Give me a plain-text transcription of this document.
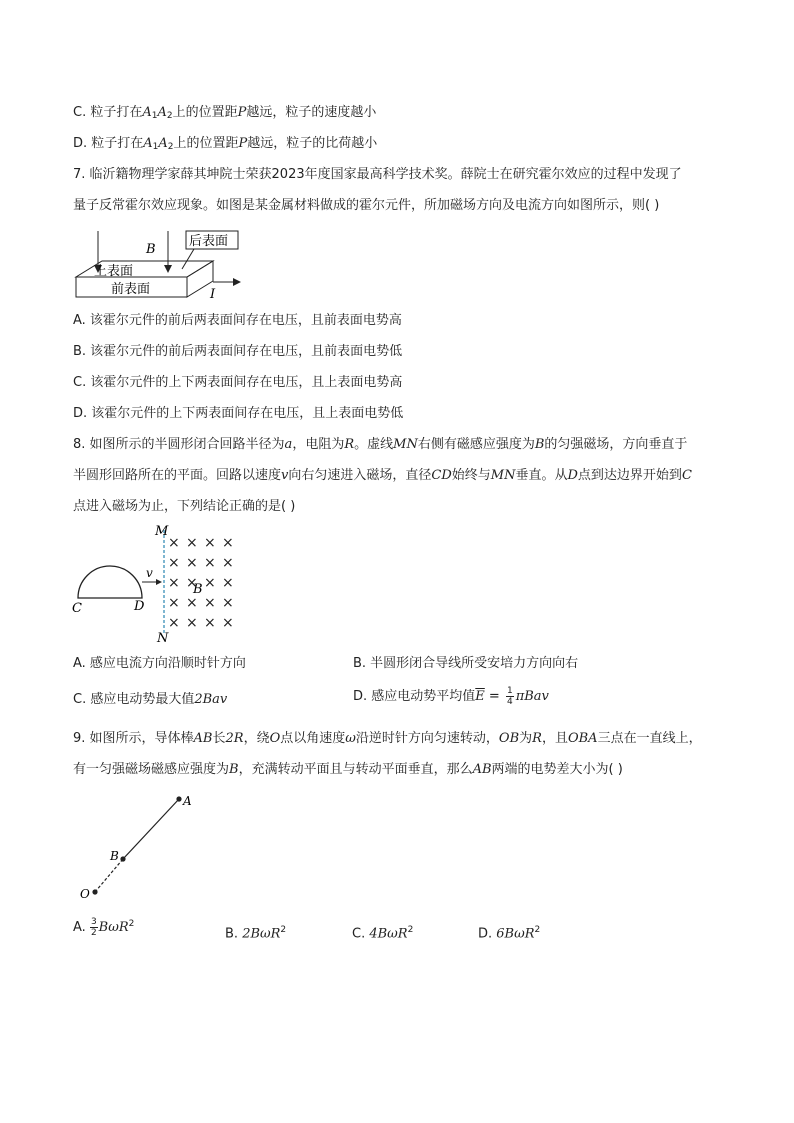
C. 粒子打在$A_1A_2$上的位置距P越远，粒子的速度越小
D. 粒子打在$A_1A_2$上的位置距P越远，粒子的比荷越小
7. 临沂籍物理学家薛其坤院士荣获2023年度国家最高科学技术奖。薛院士在研究霍尔效应的过程中发现了
量子反常霍尔效应现象。如图是某金属材料做成的霍尔元件，所加磁场方向及电流方向如图所示，则( )
B
后表面
上表面
前表面	I
A. 该霍尔元件的前后两表面间存在电压，且前表面电势高
B. 该霍尔元件的前后两表面间存在电压，且前表面电势低
C. 该霍尔元件的上下两表面间存在电压，且上表面电势高
D. 该霍尔元件的上下两表面间存在电压，且上表面电势低
8. 如图所示的半圆形闭合回路半径为a，电阻为R。虚线MN右侧有磁感应强度为B的匀强磁场，方向垂直于
半圆形回路所在的平面。回路以速度v向右匀速进入磁场，直径CD始终与MN垂直。从D点到达边界开始到C
点进入磁场为止，下列结论正确的是( )
M
N
C	D
v
B
× × × ×
× × × ×
× × × ×
× × × ×
× × × ×
A. 感应电流方向沿顺时针方向	B. 半圆形闭合导线所受安培力方向向右
C. 感应电动势最大值2Bav	D. 感应电动势平均值 $\overline{E} = \frac{1}{4}$ πBav
9. 如图所示，导体棒AB长2R，绕O点以角速度ω沿逆时针方向匀速转动，OB为R，且OBA三点在一直线上，
有一匀强磁场磁感应强度为B，充满转动平面且与转动平面垂直，那么AB两端的电势差大小为( )
A
B
O
A. $\frac{3}{2} B\omega R^2$
B. 2BωR$^2$	C. 4BωR$^2$	D. 6BωR$^2$
